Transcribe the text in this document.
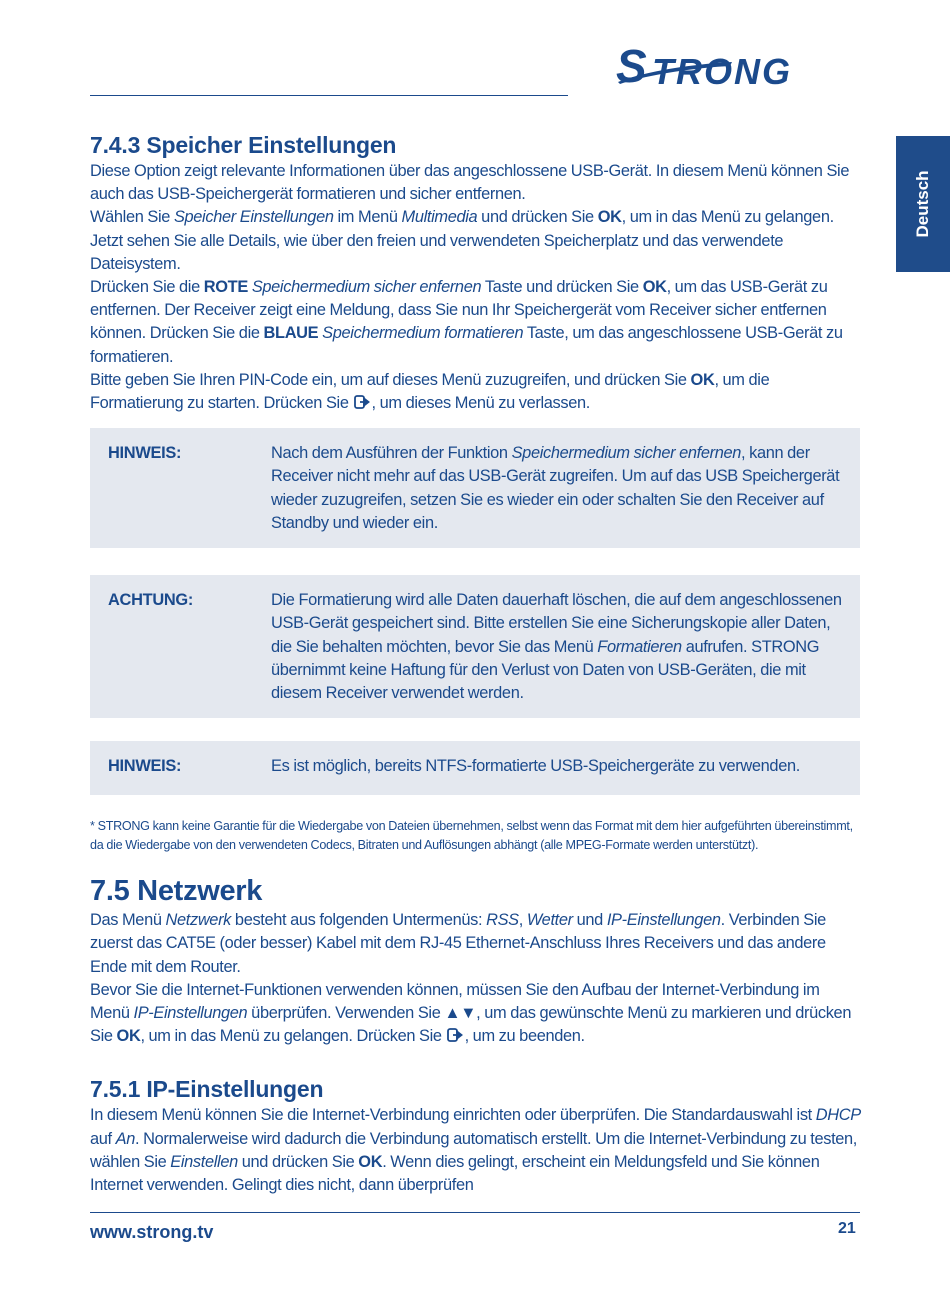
S TRONG
Deutsch
7.4.3 Speicher Einstellungen

Diese Option zeigt relevante Informationen über das angeschlossene USB-Gerät. In diesem Menü können Sie auch das USB-Speichergerät formatieren und sicher entfernen.

Wählen Sie Speicher Einstellungen im Menü Multimedia und drücken Sie OK, um in das Menü zu gelangen. Jetzt sehen Sie alle Details, wie über den freien und verwendeten Speicherplatz und das verwendete Dateisystem.

Drücken Sie die ROTE Speichermedium sicher enfernen Taste und drücken Sie OK, um das USB-Gerät zu entfernen. Der Receiver zeigt eine Meldung, dass Sie nun Ihr Speichergerät vom Receiver sicher entfernen können. Drücken Sie die BLAUE Speichermedium formatieren Taste, um das angeschlossene USB-Gerät zu formatieren.

Bitte geben Sie Ihren PIN-Code ein, um auf dieses Menü zuzugreifen, und drücken Sie OK, um die Formatierung zu starten. Drücken Sie , um dieses Menü zu verlassen.

HINWEIS:	Nach dem Ausführen der Funktion Speichermedium sicher enfernen, kann der Receiver nicht mehr auf das USB-Gerät zugreifen. Um auf das USB Speichergerät wieder zuzugreifen, setzen Sie es wieder ein oder schalten Sie den Receiver auf Standby und wieder ein.

ACHTUNG:	Die Formatierung wird alle Daten dauerhaft löschen, die auf dem angeschlossenen USB-Gerät gespeichert sind. Bitte erstellen Sie eine Sicherungskopie aller Daten, die Sie behalten möchten, bevor Sie das Menü Formatieren aufrufen. STRONG übernimmt keine Haftung für den Verlust von Daten von USB-Geräten, die mit diesem Receiver verwendet werden.

HINWEIS:	Es ist möglich, bereits NTFS-formatierte USB-Speichergeräte zu verwenden.

* STRONG kann keine Garantie für die Wiedergabe von Dateien übernehmen, selbst wenn das Format mit dem hier aufgeführten übereinstimmt, da die Wiedergabe von den verwendeten Codecs, Bitraten und Auflösungen abhängt (alle MPEG-Formate werden unterstützt).

7.5 Netzwerk

Das Menü Netzwerk besteht aus folgenden Untermenüs: RSS, Wetter und IP-Einstellungen. Verbinden Sie zuerst das CAT5E (oder besser) Kabel mit dem RJ-45 Ethernet-Anschluss Ihres Receivers und das andere Ende mit dem Router.

Bevor Sie die Internet-Funktionen verwenden können, müssen Sie den Aufbau der Internet-Verbindung im Menü IP-Einstellungen überprüfen. Verwenden Sie ▲▼, um das gewünschte Menü zu markieren und drücken Sie OK, um in das Menü zu gelangen. Drücken Sie , um zu beenden.

7.5.1 IP-Einstellungen

In diesem Menü können Sie die Internet-Verbindung einrichten oder überprüfen. Die Standardauswahl ist DHCP auf An. Normalerweise wird dadurch die Verbindung automatisch erstellt. Um die Internet-Verbindung zu testen, wählen Sie Einstellen und drücken Sie OK. Wenn dies gelingt, erscheint ein Meldungsfeld und Sie können Internet verwenden. Gelingt dies nicht, dann überprüfen

www.strong.tv	21
